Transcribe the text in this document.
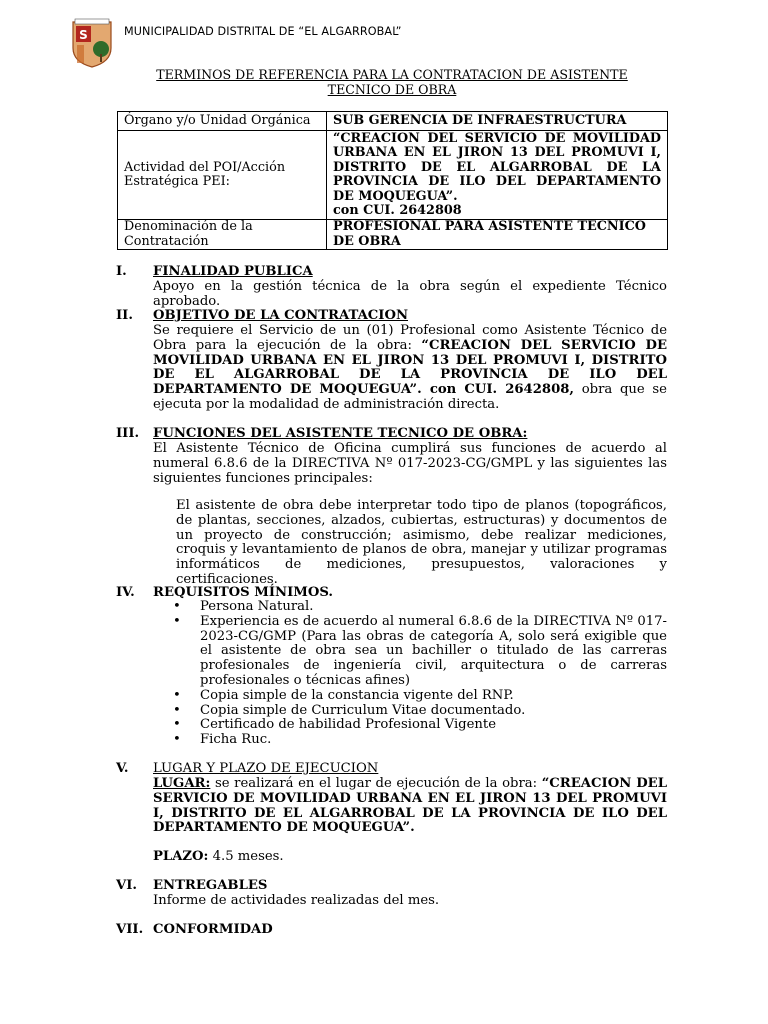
S	MUNICIPALIDAD DISTRITAL DE “EL ALGARROBAL”
TERMINOS DE REFERENCIA PARA LA CONTRATACION DE ASISTENTE
TECNICO DE OBRA
Órgano y/o Unidad Orgánica	SUB GERENCIA DE INFRAESTRUCTURA
Actividad del POI/Acción Estratégica PEI:	“CREACION DEL SERVICIO DE MOVILIDAD URBANA EN EL JIRON 13 DEL PROMUVI I, DISTRITO DE EL ALGARROBAL DE LA PROVINCIA DE ILO DEL DEPARTAMENTO DE MOQUEGUA”.
con CUI. 2642808

Denominación de la Contratación	PROFESIONAL PARA ASISTENTE TECNICO DE OBRA
I.	FINALIDAD PUBLICA
Apoyo en la gestión técnica de la obra según el expediente Técnico aprobado.
II.	OBJETIVO DE LA CONTRATACION
Se requiere el Servicio de un (01) Profesional como Asistente Técnico de Obra para la ejecución de la obra: “CREACION DEL SERVICIO DE MOVILIDAD URBANA EN EL JIRON 13 DEL PROMUVI I, DISTRITO DE EL ALGARROBAL DE LA PROVINCIA DE ILO DEL DEPARTAMENTO DE MOQUEGUA”. con CUI. 2642808, obra que se ejecuta por la modalidad de administración directa.
III.	FUNCIONES DEL ASISTENTE TECNICO DE OBRA:
El Asistente Técnico de Oficina cumplirá sus funciones de acuerdo al numeral 6.8.6 de la DIRECTIVA Nº 017-2023-CG/GMPL y las siguientes las siguientes funciones principales:
El asistente de obra debe interpretar todo tipo de planos (topográficos, de plantas, secciones, alzados, cubiertas, estructuras) y documentos de un proyecto de construcción; asimismo, debe realizar mediciones, croquis y levantamiento de planos de obra, manejar y utilizar programas informáticos de mediciones, presupuestos, valoraciones y certificaciones.
IV.	REQUISITOS MÍNIMOS.
• Persona Natural.
• Experiencia es de acuerdo al numeral 6.8.6 de la DIRECTIVA Nº 017-2023-CG/GMP (Para las obras de categoría A, solo será exigible que el asistente de obra sea un bachiller o titulado de las carreras profesionales de ingeniería civil, arquitectura o de carreras profesionales o técnicas afines)
• Copia simple de la constancia vigente del RNP.
• Copia simple de Curriculum Vitae documentado.
• Certificado de habilidad Profesional Vigente
• Ficha Ruc.
V.	LUGAR Y PLAZO DE EJECUCION
LUGAR: se realizará en el lugar de ejecución de la obra: “CREACION DEL SERVICIO DE MOVILIDAD URBANA EN EL JIRON 13 DEL PROMUVI I, DISTRITO DE EL ALGARROBAL DE LA PROVINCIA DE ILO DEL DEPARTAMENTO DE MOQUEGUA”.
PLAZO: 4.5 meses.
VI.	ENTREGABLES
Informe de actividades realizadas del mes.
VII. CONFORMIDAD
